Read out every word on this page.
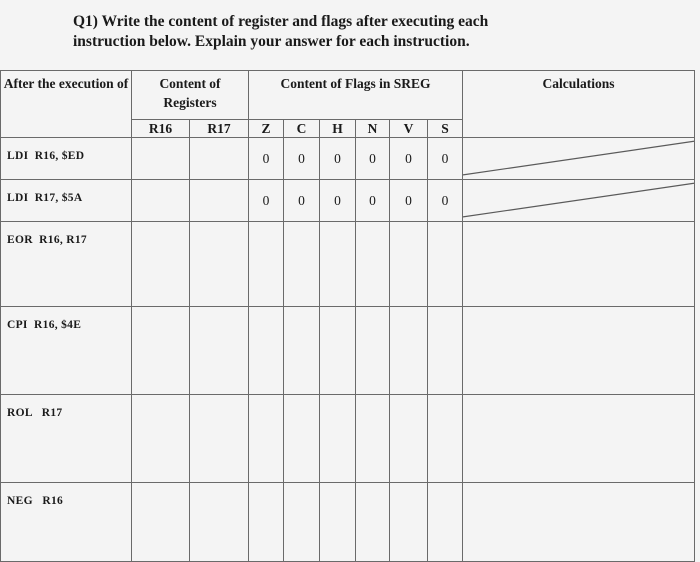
Q1) Write the content of register and flags after executing each
instruction below. Explain your answer for each instruction.
After the execution of	Content of Registers		Content of Flags in SREG						Calculations
	R16	R17	Z	C	H	N	V	S	
LDI  R16, $ED			0	0	0	0	0	0	

LDI  R17, $5A			0	0	0	0	0	0	

EOR  R16, R17									
CPI  R16, $4E									
ROL   R17									
NEG   R16									
